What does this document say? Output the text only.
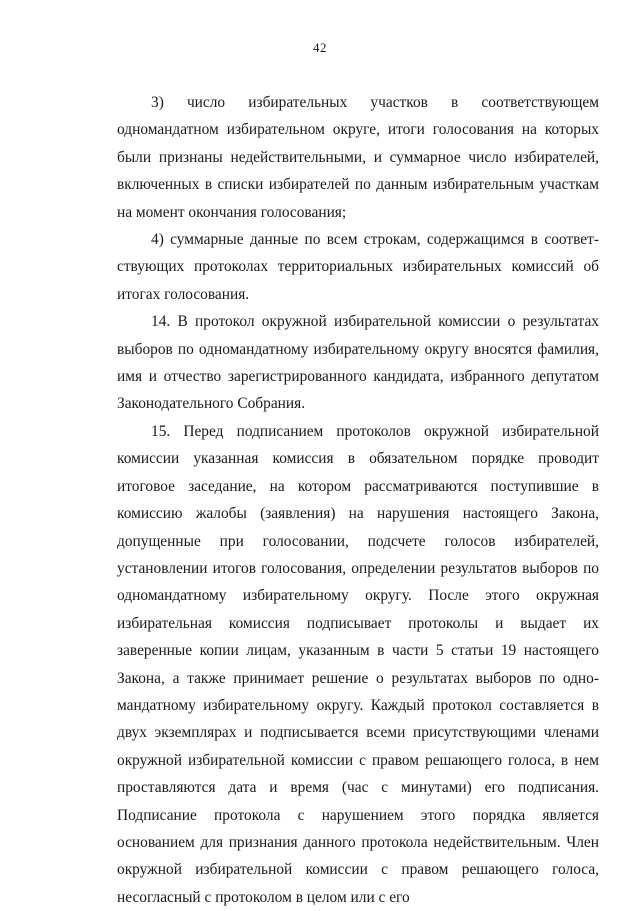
42

3) число избирательных участков в соответствующем одномандатном избирательном округе, итоги голосования на которых были признаны недействительными, и суммарное число избирателей, включенных в списки избирателей по данным избирательным участкам на момент окончания голосования;

4) суммарные данные по всем строкам, содержащимся в соответствующих протоколах территориальных избирательных комиссий об итогах голосования.

14. В протокол окружной избирательной комиссии о результатах выборов по одномандатному избирательному округу вносятся фамилия, имя и отчество зарегистрированного кандидата, избранного депутатом Законодательного Собрания.

15. Перед подписанием протоколов окружной избирательной комиссии указанная комиссия в обязательном порядке проводит итоговое заседание, на котором рассматриваются поступившие в комиссию жалобы (заявления) на нарушения настоящего Закона, допущенные при голосовании, подсчете голосов избирателей, установлении итогов голосования, определении результатов выборов по одномандатному избирательному округу. После этого окружная избирательная комиссия подписывает протоколы и выдает их заверенные копии лицам, указанным в части 5 статьи 19 настоящего Закона, а также принимает решение о результатах выборов по одномандатному избирательному округу. Каждый протокол составляется в двух экземплярах и подписывается всеми присутствующими членами окружной избирательной комиссии с правом решающего голоса, в нем проставляются дата и время (час с минутами) его подписания. Подписание протокола с нарушением этого порядка является основанием для признания данного протокола недействительным. Член окружной избирательной комиссии с правом решающего голоса, несогласный с протоколом в целом или с его
